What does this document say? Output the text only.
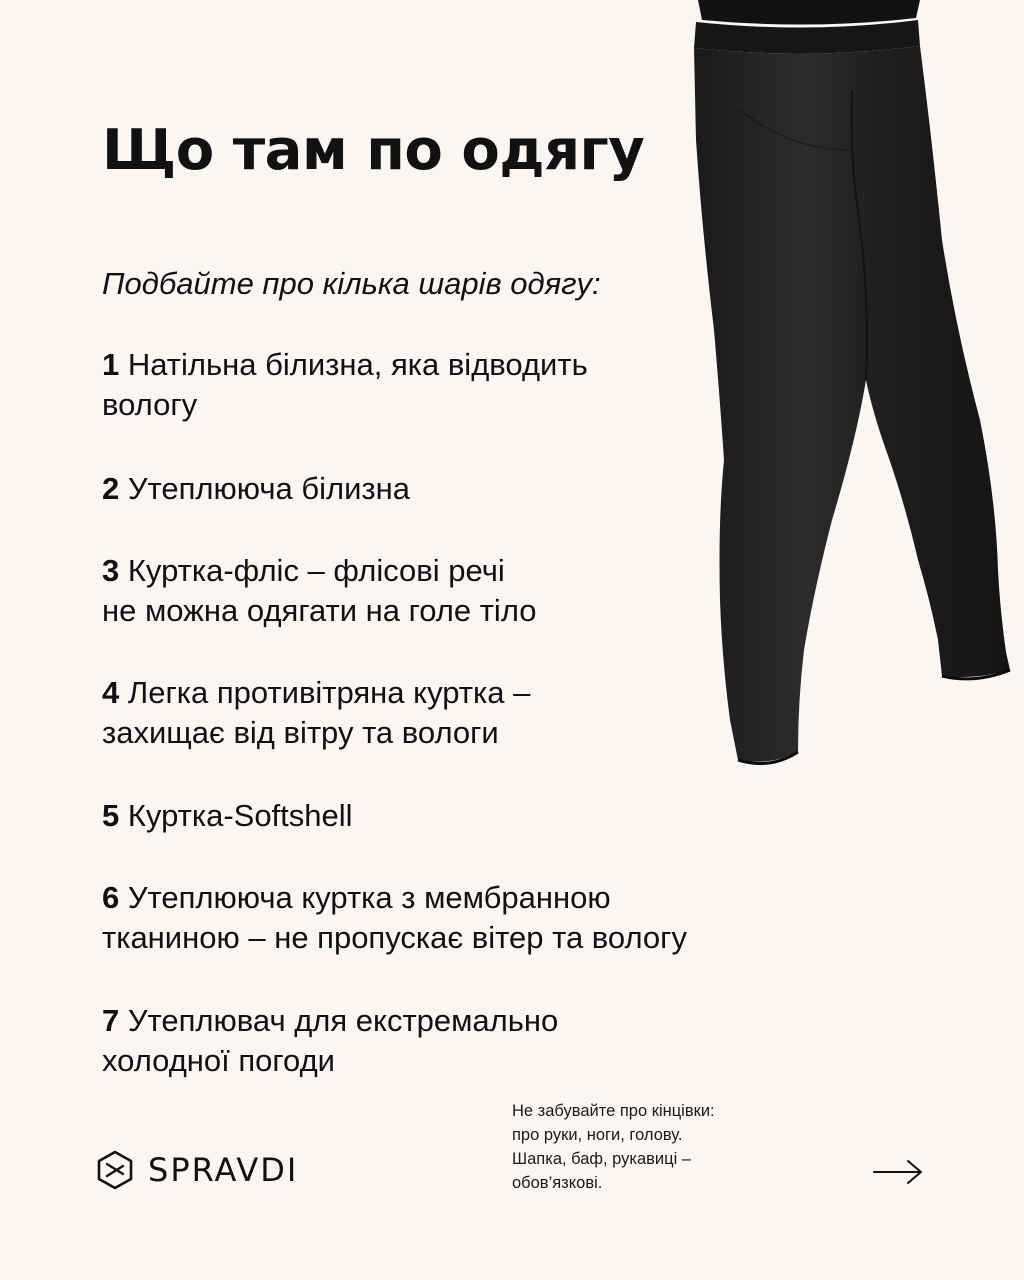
Що там по одягу

Подбайте про кілька шарів одягу:

1 Натільна білизна, яка відводить
вологу

2 Утеплююча білизна

3 Куртка-фліс – флісові речі
не можна одягати на голе тіло

4 Легка противітряна куртка –
захищає від вітру та вологи

5 Куртка-Softshell

6 Утеплююча куртка з мембранною
тканиною – не пропускає вітер та вологу

7 Утеплювач для екстремально
холодної погоди

Не забувайте про кінцівки:
про руки, ноги, голову.
Шапка, баф, рукавиці –
обов’язкові.

SPRAVDI
